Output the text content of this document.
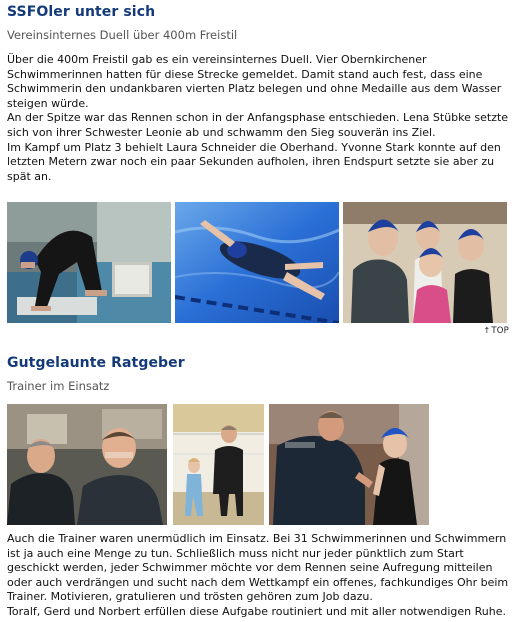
SSFOler unter sich
Vereinsinternes Duell über 400m Freistil
Über die 400m Freistil gab es ein vereinsinternes Duell. Vier Obernkirchener
Schwimmerinnen hatten für diese Strecke gemeldet. Damit stand auch fest, dass eine
Schwimmerin den undankbaren vierten Platz belegen und ohne Medaille aus dem Wasser
steigen würde.
An der Spitze war das Rennen schon in der Anfangsphase entschieden. Lena Stübke setzte
sich von ihrer Schwester Leonie ab und schwamm den Sieg souverän ins Ziel.
Im Kampf um Platz 3 behielt Laura Schneider die Oberhand. Yvonne Stark konnte auf den
letzten Metern zwar noch ein paar Sekunden aufholen, ihren Endspurt setzte sie aber zu
spät an.
↑TOP
Gutgelaunte Ratgeber
Trainer im Einsatz
Auch die Trainer waren unermüdlich im Einsatz. Bei 31 Schwimmerinnen und Schwimmern
ist ja auch eine Menge zu tun. Schließlich muss nicht nur jeder pünktlich zum Start
geschickt werden, jeder Schwimmer möchte vor dem Rennen seine Aufregung mitteilen
oder auch verdrängen und sucht nach dem Wettkampf ein offenes, fachkundiges Ohr beim
Trainer. Motivieren, gratulieren und trösten gehören zum Job dazu.
Toralf, Gerd und Norbert erfüllen diese Aufgabe routiniert und mit aller notwendigen Ruhe.
